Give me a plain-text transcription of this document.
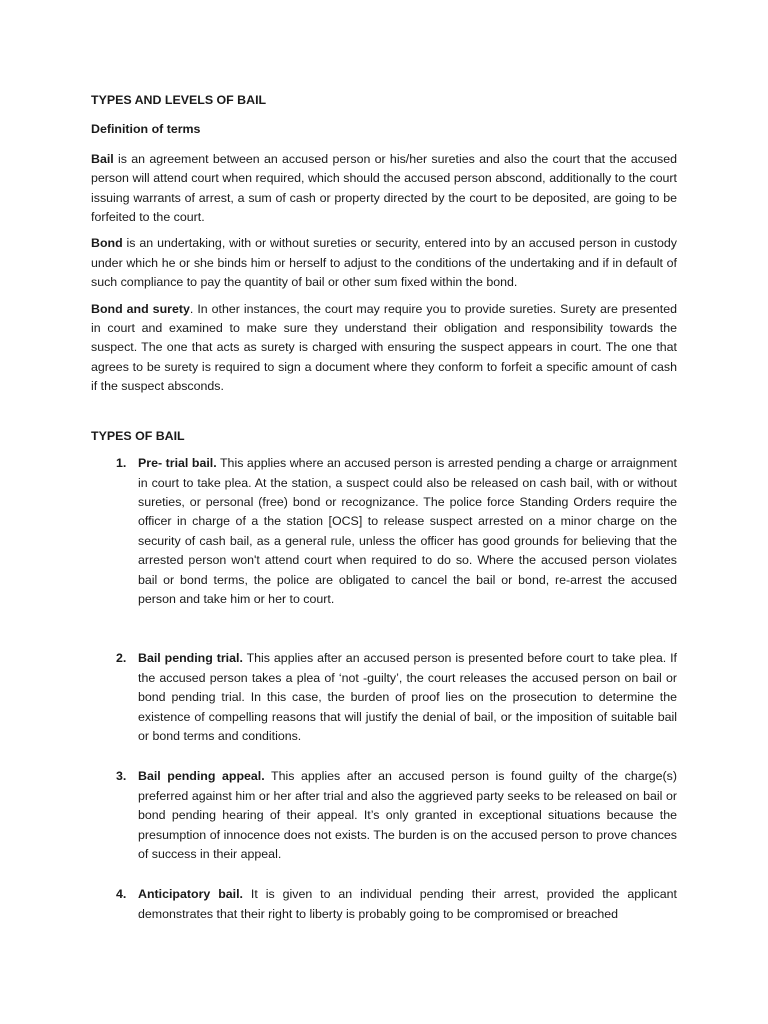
TYPES AND LEVELS OF BAIL

Definition of terms

Bail is an agreement between an accused person or his/her sureties and also the court that the accused person will attend court when required, which should the accused person abscond, additionally to the court issuing warrants of arrest, a sum of cash or property directed by the court to be deposited, are going to be forfeited to the court.

Bond is an undertaking, with or without sureties or security, entered into by an accused person in custody under which he or she binds him or herself to adjust to the conditions of the undertaking and if in default of such compliance to pay the quantity of bail or other sum fixed within the bond.

Bond and surety. In other instances, the court may require you to provide sureties. Surety are presented in court and examined to make sure they understand their obligation and responsibility towards the suspect. The one that acts as surety is charged with ensuring the suspect appears in court. The one that agrees to be surety is required to sign a document where they conform to forfeit a specific amount of cash if the suspect absconds.

TYPES OF BAIL

1. Pre- trial bail. This applies where an accused person is arrested pending a charge or arraignment in court to take plea. At the station, a suspect could also be released on cash bail, with or without sureties, or personal (free) bond or recognizance. The police force Standing Orders require the officer in charge of a the station [OCS] to release suspect arrested on a minor charge on the security of cash bail, as a general rule, unless the officer has good grounds for believing that the arrested person won't attend court when required to do so. Where the accused person violates bail or bond terms, the police are obligated to cancel the bail or bond, re-arrest the accused person and take him or her to court.
2. Bail pending trial. This applies after an accused person is presented before court to take plea. If the accused person takes a plea of ‘not -guilty’, the court releases the accused person on bail or bond pending trial. In this case, the burden of proof lies on the prosecution to determine the existence of compelling reasons that will justify the denial of bail, or the imposition of suitable bail or bond terms and conditions.
3. Bail pending appeal. This applies after an accused person is found guilty of the charge(s) preferred against him or her after trial and also the aggrieved party seeks to be released on bail or bond pending hearing of their appeal. It’s only granted in exceptional situations because the presumption of innocence does not exists. The burden is on the accused person to prove chances of success in their appeal.
4. Anticipatory bail. It is given to an individual pending their arrest, provided the applicant demonstrates that their right to liberty is probably going to be compromised or breached
